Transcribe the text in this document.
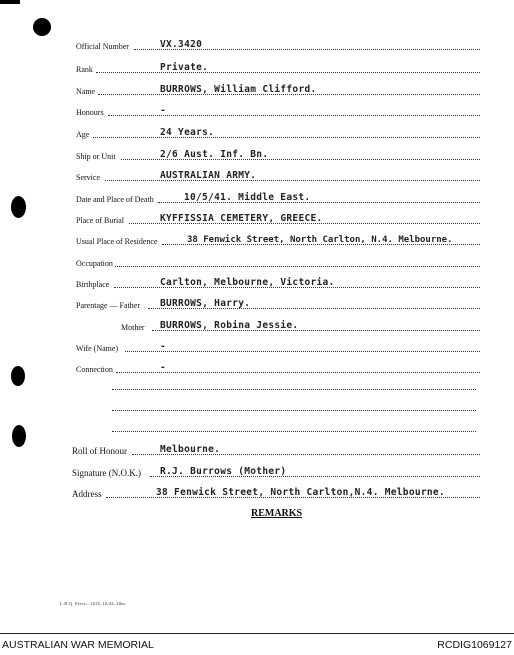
Official Number	VX.3420
Rank	Private.
Name	BURROWS, William Clifford.
Honours	-
Age	24 Years.
Ship or Unit	2/6 Aust. Inf. Bn.
Service	AUSTRALIAN ARMY.
Date and Place of Death	10/5/41. Middle East.
Place of Burial	KYFFISSIA CEMETERY, GREECE.
Usual Place of Residence	38 Fenwick Street, North Carlton, N.4. Melbourne.
Occupation
Birthplace	Carlton, Melbourne, Victoria.
Parentage — Father BURROWS, Harry.
Mother BURROWS, Robina Jessie.
Wife (Name)	-
Connection	-
Roll of Honour	Melbourne.
Signature (N.O.K.) R.J. Burrows (Mother)
Address	38 Fenwick Street, North Carlton,N.4. Melbourne.
REMARKS
L.H.Q. Press—1635–10/44–20m.
AUSTRALIAN WAR MEMORIAL	RCDIG1069127
